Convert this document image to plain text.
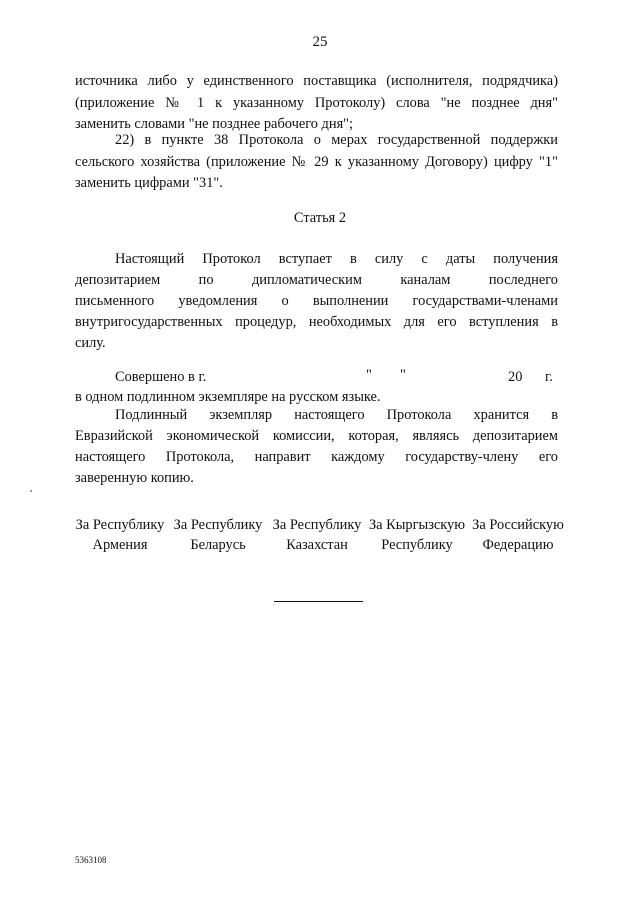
25
источника либо у единственного поставщика (исполнителя, подрядчика)
(приложение № 1 к указанному Протоколу) слова "не позднее дня"
заменить словами "не позднее рабочего дня";
22) в пункте 38 Протокола о мерах государственной поддержки
сельского хозяйства (приложение № 29 к указанному Договору) цифру "1"
заменить цифрами "31".
Статья 2
Настоящий Протокол вступает в силу с даты получения
депозитарием по дипломатическим каналам последнего
письменного уведомления о выполнении государствами-членами
внутригосударственных процедур, необходимых для его вступления в
силу.
Совершено в г.	" "	20 г.
в одном подлинном экземпляре на русском языке.
Подлинный экземпляр настоящего Протокола хранится в
Евразийской экономической комиссии, которая, являясь депозитарием
настоящего Протокола, направит каждому государству-члену его
заверенную копию.
За Республику
Армения
За Республику
Беларусь
За Республику
Казахстан
За Кыргызскую
Республику
За Российскую
Федерацию
5363108
